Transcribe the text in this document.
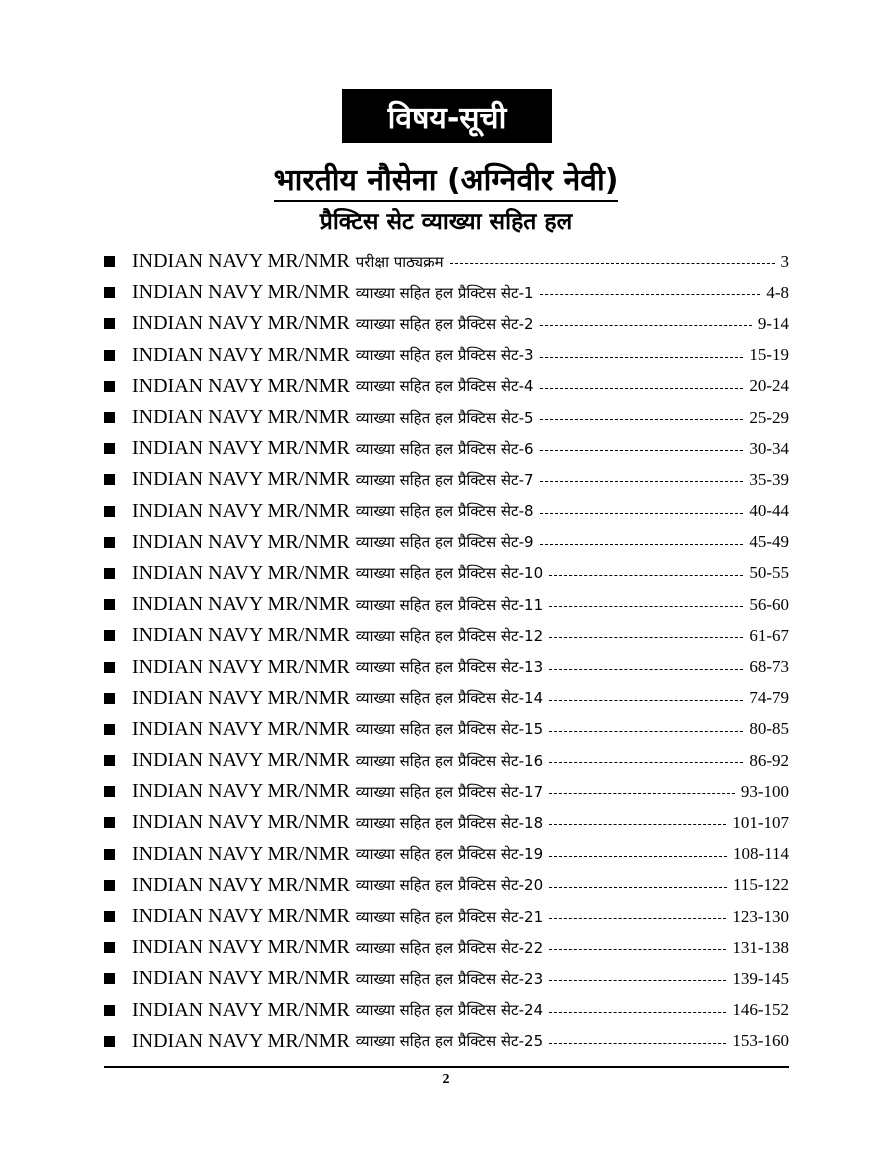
विषय-सूची
भारतीय नौसेना (अग्निवीर नेवी)
प्रैक्टिस सेट व्याख्या सहित हल
INDIAN NAVY MR/NMR परीक्षा पाठ्यक्रम	3
INDIAN NAVY MR/NMR व्याख्या सहित हल प्रैक्टिस सेट-1	4-8
INDIAN NAVY MR/NMR व्याख्या सहित हल प्रैक्टिस सेट-2	9-14
INDIAN NAVY MR/NMR व्याख्या सहित हल प्रैक्टिस सेट-3	15-19
INDIAN NAVY MR/NMR व्याख्या सहित हल प्रैक्टिस सेट-4	20-24
INDIAN NAVY MR/NMR व्याख्या सहित हल प्रैक्टिस सेट-5	25-29
INDIAN NAVY MR/NMR व्याख्या सहित हल प्रैक्टिस सेट-6	30-34
INDIAN NAVY MR/NMR व्याख्या सहित हल प्रैक्टिस सेट-7	35-39
INDIAN NAVY MR/NMR व्याख्या सहित हल प्रैक्टिस सेट-8	40-44
INDIAN NAVY MR/NMR व्याख्या सहित हल प्रैक्टिस सेट-9	45-49
INDIAN NAVY MR/NMR व्याख्या सहित हल प्रैक्टिस सेट-10	50-55
INDIAN NAVY MR/NMR व्याख्या सहित हल प्रैक्टिस सेट-11	56-60
INDIAN NAVY MR/NMR व्याख्या सहित हल प्रैक्टिस सेट-12	61-67
INDIAN NAVY MR/NMR व्याख्या सहित हल प्रैक्टिस सेट-13	68-73
INDIAN NAVY MR/NMR व्याख्या सहित हल प्रैक्टिस सेट-14	74-79
INDIAN NAVY MR/NMR व्याख्या सहित हल प्रैक्टिस सेट-15	80-85
INDIAN NAVY MR/NMR व्याख्या सहित हल प्रैक्टिस सेट-16	86-92
INDIAN NAVY MR/NMR व्याख्या सहित हल प्रैक्टिस सेट-17	93-100
INDIAN NAVY MR/NMR व्याख्या सहित हल प्रैक्टिस सेट-18	101-107
INDIAN NAVY MR/NMR व्याख्या सहित हल प्रैक्टिस सेट-19	108-114
INDIAN NAVY MR/NMR व्याख्या सहित हल प्रैक्टिस सेट-20	115-122
INDIAN NAVY MR/NMR व्याख्या सहित हल प्रैक्टिस सेट-21	123-130
INDIAN NAVY MR/NMR व्याख्या सहित हल प्रैक्टिस सेट-22	131-138
INDIAN NAVY MR/NMR व्याख्या सहित हल प्रैक्टिस सेट-23	139-145
INDIAN NAVY MR/NMR व्याख्या सहित हल प्रैक्टिस सेट-24	146-152
INDIAN NAVY MR/NMR व्याख्या सहित हल प्रैक्टिस सेट-25	153-160
2
